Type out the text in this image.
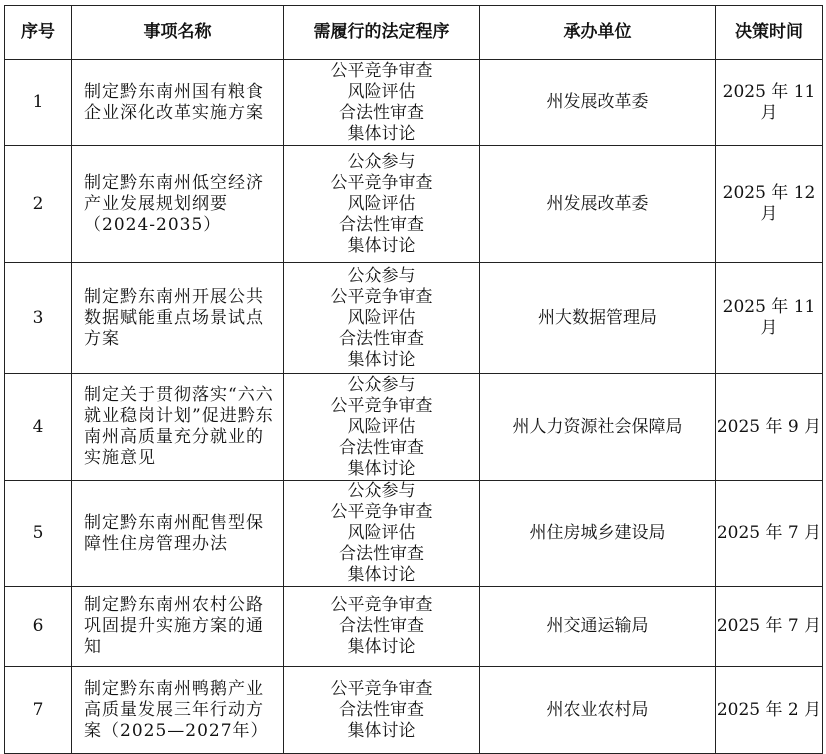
序号	事项名称	需履行的法定程序	承办单位	决策时间
1	制定黔东南州国有粮食企业深化改革实施方案	公平竞争审查
风险评估
合法性审查
集体讨论	州发展改革委	2025 年 11 月
2	制定黔东南州低空经济产业发展规划纲要（2024-2035）	公众参与
公平竞争审查
风险评估
合法性审查
集体讨论	州发展改革委	2025 年 12 月
3	制定黔东南州开展公共数据赋能重点场景试点方案	公众参与
公平竞争审查
风险评估
合法性审查
集体讨论	州大数据管理局	2025 年 11 月
4	制定关于贯彻落实“六六就业稳岗计划”促进黔东南州高质量充分就业的实施意见	公众参与
公平竞争审查
风险评估
合法性审查
集体讨论	州人力资源社会保障局	2025 年 9 月
5	制定黔东南州配售型保障性住房管理办法	公众参与
公平竞争审查
风险评估
合法性审查
集体讨论	州住房城乡建设局	2025 年 7 月
6	制定黔东南州农村公路巩固提升实施方案的通知	公平竞争审查
合法性审查
集体讨论	州交通运输局	2025 年 7 月
7	制定黔东南州鸭鹅产业高质量发展三年行动方案（2025—2027年）	公平竞争审查
合法性审查
集体讨论	州农业农村局	2025 年 2 月
